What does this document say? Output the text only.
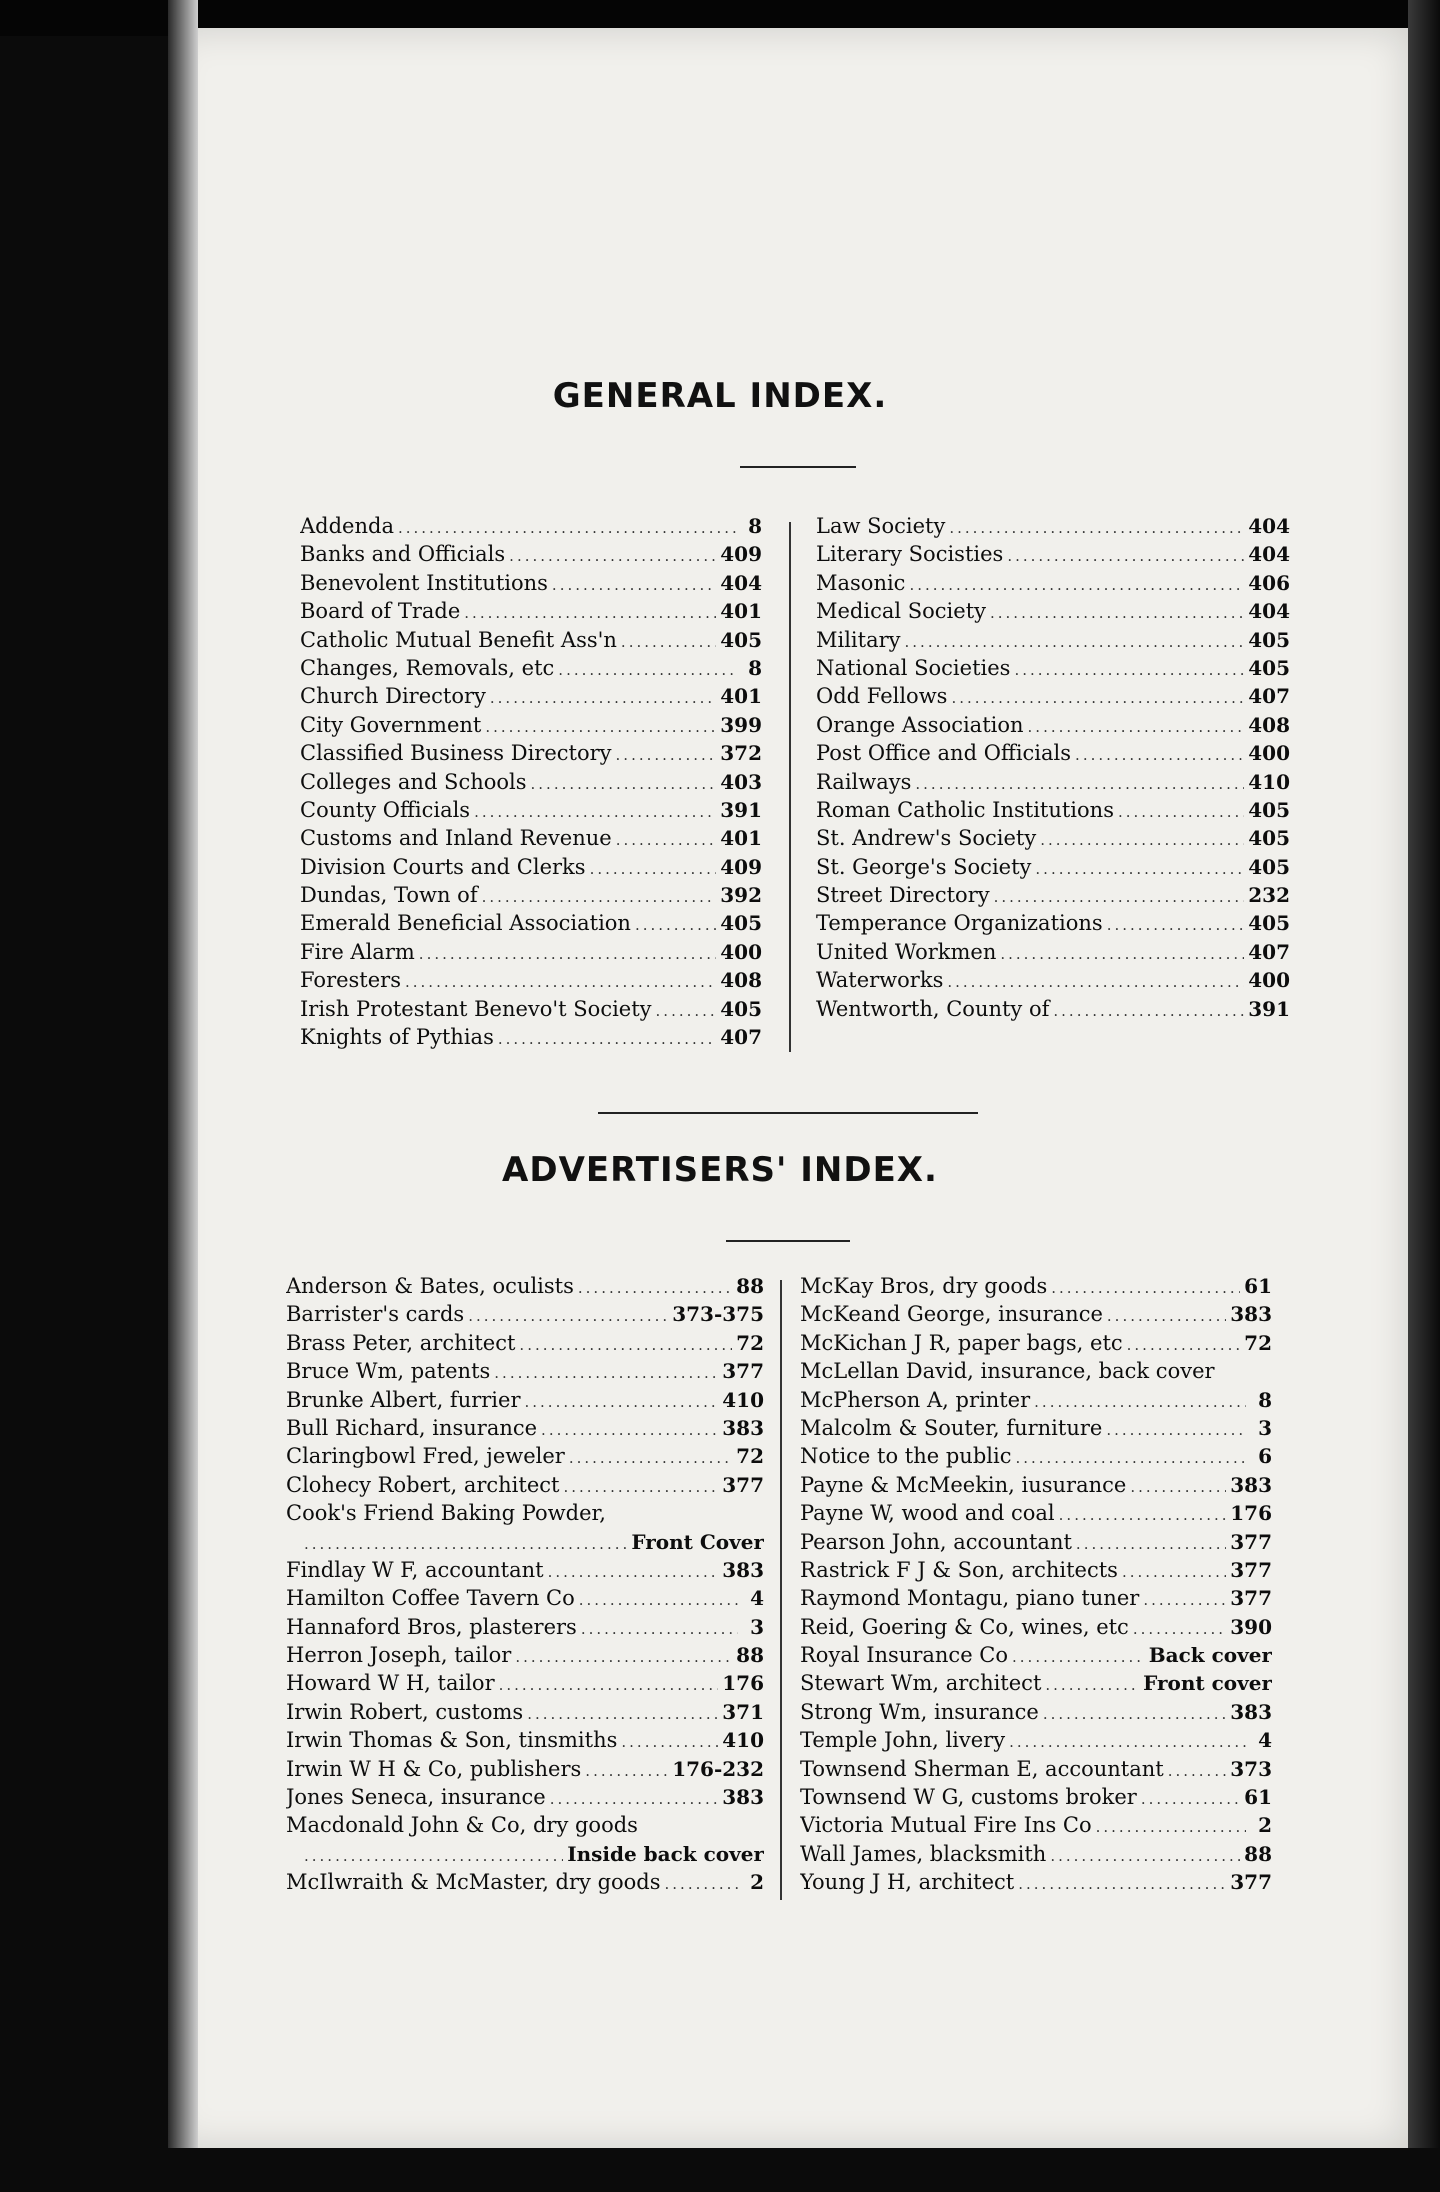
GENERAL INDEX.
Addenda .....	8
Banks and Officials .....	409
Benevolent Institutions .....	404
Board of Trade .....	401
Catholic Mutual Benefit Ass'n .....	405
Changes, Removals, etc .....	8
Church Directory .....	401
City Government .....	399
Classified Business Directory .....	372
Colleges and Schools .....	403
County Officials .....	391
Customs and Inland Revenue .....	401
Division Courts and Clerks .....	409
Dundas, Town of .....	392
Emerald Beneficial Association .....	405
Fire Alarm .....	400
Foresters .....	408
Irish Protestant Benevo't Society .....	405
Knights of Pythias .....	407
Law Society .....	404
Literary Socisties .....	404
Masonic .....	406
Medical Society .....	404
Military .....	405
National Societies .....	405
Odd Fellows .....	407
Orange Association .....	408
Post Office and Officials .....	400
Railways .....	410
Roman Catholic Institutions .....	405
St. Andrew's Society .....	405
St. George's Society .....	405
Street Directory .....	232
Temperance Organizations .....	405
United Workmen .....	407
Waterworks .....	400
Wentworth, County of .....	391
ADVERTISERS' INDEX.
Anderson & Bates, oculists .....	88
Barrister's cards .....	373-375
Brass Peter, architect .....	72
Bruce Wm, patents .....	377
Brunke Albert, furrier .....	410
Bull Richard, insurance .....	383
Claringbowl Fred, jeweler .....	72
Clohecy Robert, architect .....	377
Cook's Friend Baking Powder,
.....
Front Cover
Findlay W F, accountant .....	383
Hamilton Coffee Tavern Co .....	4
Hannaford Bros, plasterers .....	3
Herron Joseph, tailor .....	88
Howard W H, tailor .....	176
Irwin Robert, customs .....	371
Irwin Thomas & Son, tinsmiths .....	410
Irwin W H & Co, publishers .....	176-232
Jones Seneca, insurance .....	383
Macdonald John & Co, dry goods
.....
Inside back cover
McIlwraith & McMaster, dry goods .....	2
McKay Bros, dry goods .....	61
McKeand George, insurance .....	383
McKichan J R, paper bags, etc .....	72
McLellan David, insurance, back cover
McPherson A, printer .....	8
Malcolm & Souter, furniture .....	3
Notice to the public .....	6
Payne & McMeekin, iusurance .....	383
Payne W, wood and coal .....	176
Pearson John, accountant .....	377
Rastrick F J & Son, architects .....	377
Raymond Montagu, piano tuner .....	377
Reid, Goering & Co, wines, etc .....	390
Royal Insurance Co .....	Back cover
Stewart Wm, architect .....	Front cover
Strong Wm, insurance .....	383
Temple John, livery .....	4
Townsend Sherman E, accountant .....	373
Townsend W G, customs broker .....	61
Victoria Mutual Fire Ins Co .....	2
Wall James, blacksmith .....	88
Young J H, architect .....	377
